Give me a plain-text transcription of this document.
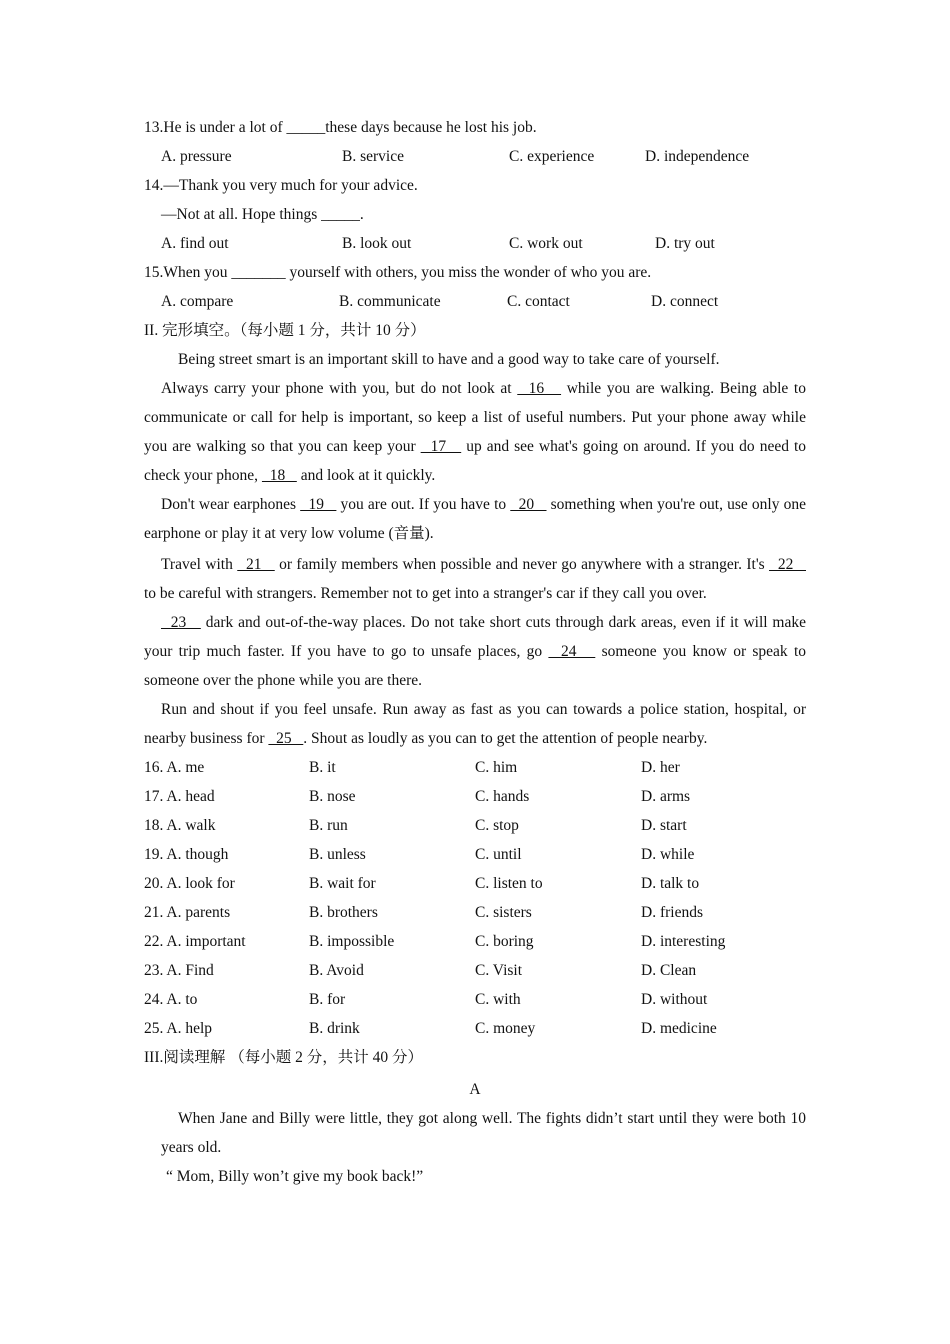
13.He is under a lot of _____these days because he lost his job.
A. pressure	B. service	C. experience	D. independence
14.—Thank you very much for your advice.
—Not at all. Hope things _____.
A. find out	B. look out	C. work out	D. try out
15.When you _______ yourself with others, you miss the wonder of who you are.
A. compare	B. communicate	C. contact	D. connect
II. 完形填空。（每小题 1 分，共计 10 分）
Being street smart is an important skill to have and a good way to take care of yourself.
Always carry your phone with you, but do not look at   16    while you are walking. Being able to communicate or call for help is important, so keep a list of useful numbers. Put your phone away while you are walking so that you can keep your   17    up and see what's going on around. If you do need to check your phone,   18    and look at it quickly.
Don't wear earphones   19    you are out. If you have to   20    something when you're out, use only one earphone or play it at very low volume (音量).
Travel with   21    or family members when possible and never go anywhere with a stranger. It's   22    to be careful with strangers. Remember not to get into a stranger's car if they call you over.
23    dark and out-of-the-way places. Do not take short cuts through dark areas, even if it will make your trip much faster. If you have to go to unsafe places, go   24    someone you know or speak to someone over the phone while you are there.
Run and shout if you feel unsafe. Run away as fast as you can towards a police station, hospital, or nearby business for   25   . Shout as loudly as you can to get the attention of people nearby.
16. A. me	B. it	C. him	D. her
17. A. head	B. nose	C. hands	D. arms
18. A. walk	B. run	C. stop	D. start
19. A. though	B. unless	C. until	D. while
20. A. look for	B. wait for	C. listen to	D. talk to
21. A. parents	B. brothers	C. sisters	D. friends
22. A. important	B. impossible	C. boring	D. interesting
23. A. Find	B. Avoid	C. Visit	D. Clean
24. A. to	B. for	C. with	D. without
25. A. help	B. drink	C. money	D. medicine
III.阅读理解 （每小题 2 分，共计 40 分）
A
When Jane and Billy were little, they got along well. The fights didn’t start until they were both 10 years old.
“ Mom, Billy won’t give my book back!”
